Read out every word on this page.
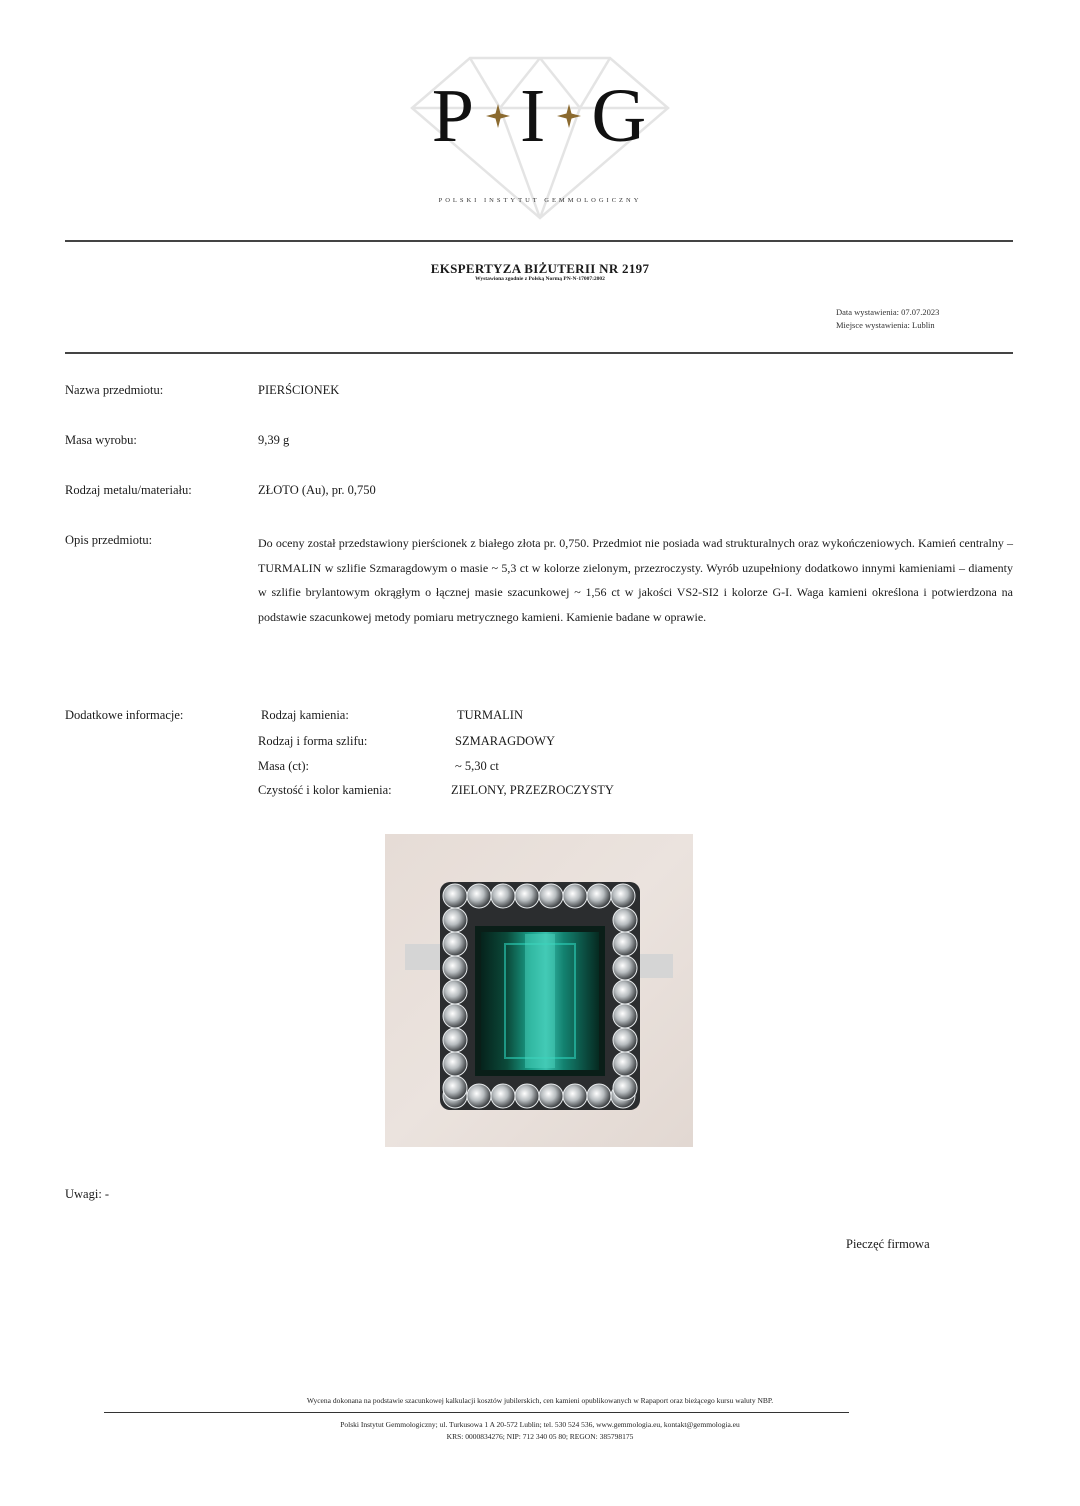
P I G
POLSKI INSTYTUT GEMMOLOGICZNY
EKSPERTYZA BIŻUTERII NR 2197
Wystawiona zgodnie z Polską Normą PN-N-17007:2002
Data wystawienia: 07.07.2023
Miejsce wystawienia: Lublin
Nazwa przedmiotu:	PIERŚCIONEK
Masa wyrobu:	9,39 g
Rodzaj metalu/materiału:	ZŁOTO (Au), pr. 0,750
Opis przedmiotu:	Do oceny został przedstawiony pierścionek z białego złota pr. 0,750. Przedmiot nie posiada wad strukturalnych oraz wykończeniowych. Kamień centralny – TURMALIN w szlifie Szmaragdowym o masie ~ 5,3 ct w kolorze zielonym, przezroczysty. Wyrób uzupełniony dodatkowo innymi kamieniami – diamenty w szlifie brylantowym okrągłym o łącznej masie szacunkowej ~ 1,56 ct w jakości VS2-SI2 i kolorze G-I. Waga kamieni określona i potwierdzona na podstawie szacunkowej metody pomiaru metrycznego kamieni. Kamienie badane w oprawie.
Dodatkowe informacje:	Rodzaj kamienia:	TURMALIN
Rodzaj i forma szlifu:	SZMARAGDOWY
Masa (ct):	~ 5,30 ct
Czystość i kolor kamienia:	ZIELONY, PRZEZROCZYSTY
Uwagi: -
Pieczęć firmowa
Wycena dokonana na podstawie szacunkowej kalkulacji kosztów jubilerskich, cen kamieni opublikowanych w Rapaport oraz bieżącego kursu waluty NBP.
Polski Instytut Gemmologiczny; ul. Turkusowa 1 A 20-572 Lublin; tel. 530 524 536, www.gemmologia.eu, kontakt@gemmologia.eu
KRS: 0000834276; NIP: 712 340 05 80; REGON: 385798175
